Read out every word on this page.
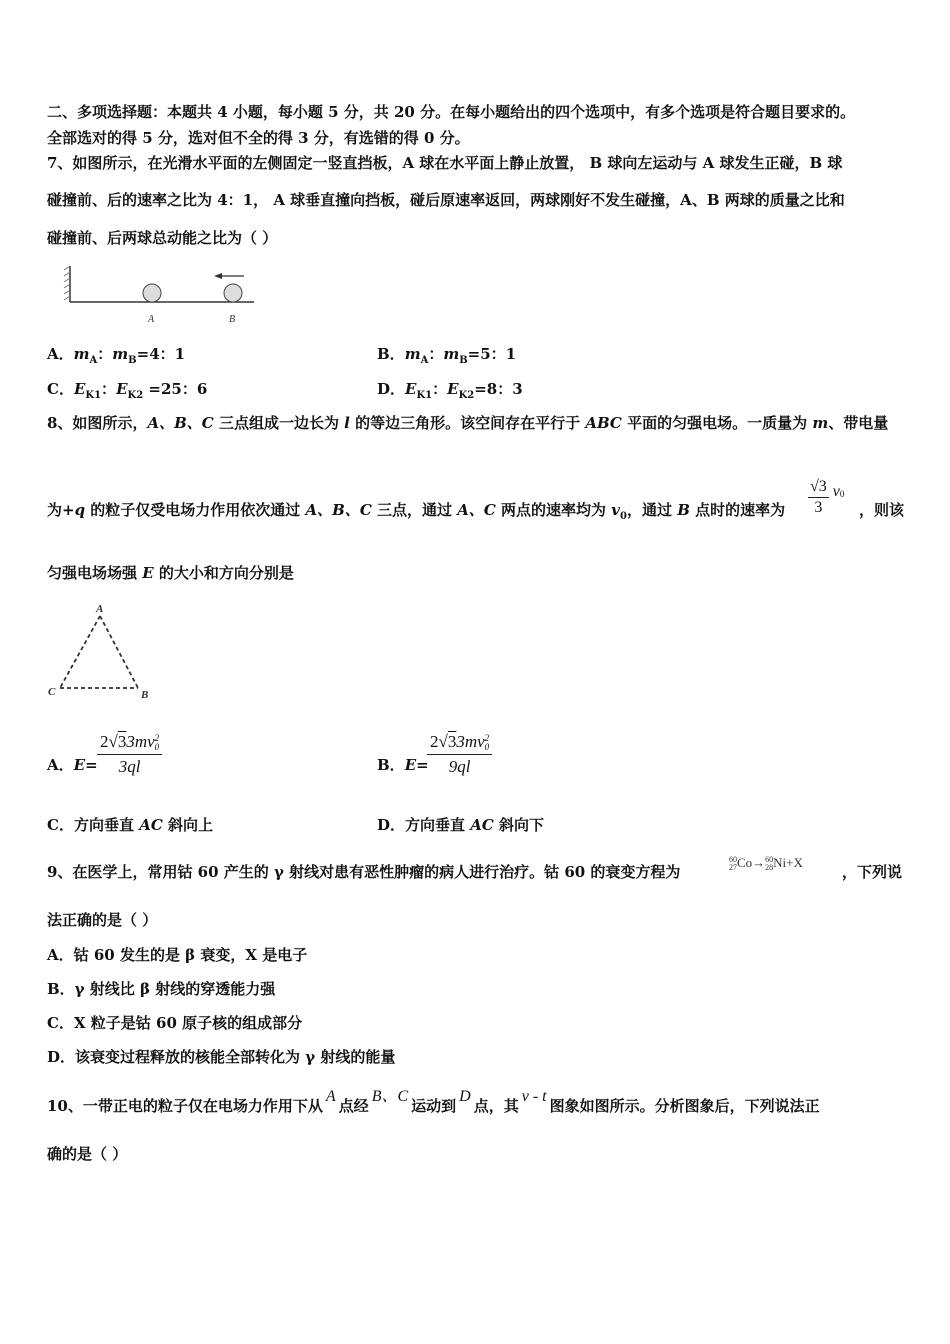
二、多项选择题：本题共 4 小题，每小题 5 分，共 20 分。在每小题给出的四个选项中，有多个选项是符合题目要求的。
全部选对的得 5 分，选对但不全的得 3 分，有选错的得 0 分。
7、如图所示，在光滑水平面的左侧固定一竖直挡板，A 球在水平面上静止放置， B 球向左运动与 A 球发生正碰，B 球
碰撞前、后的速率之比为 4：1， A 球垂直撞向挡板，碰后原速率返回，两球刚好不发生碰撞，A、B 两球的质量之比和
碰撞前、后两球总动能之比为（ ）
A	B
A．$m_A$：$m_B=4$：1	B．$m_A$：$m_B=5$：1
C．$E_{K1}$：$E_{K2} =25$：6	D．$E_{K1}$：$E_{K2}=8$：3
8、如图所示，A、B、C 三点组成一边长为 l 的等边三角形。该空间存在平行于 ABC 平面的匀强电场。一质量为 m、带电量
为+q 的粒子仅受电场力作用依次通过 A、B、C 三点，通过 A、C 两点的速率均为 $v_0$，通过 B 点时的速率为 $\frac{√3}{3} v_0$
，则该
匀强电场场强 E 的大小和方向分别是
A
B
C
A．E=
2√33mv 2
0
3ql	B．E=
2√33mv 2
0
9ql
C．方向垂直 AC 斜向上	D．方向垂直 AC 斜向下
9、在医学上，常用钴 60 产生的 γ 射线对患有恶性肿瘤的病人进行治疗。钴 60 的衰变方程为
60
27 Co→ 60
28 Ni+X
，下列说
法正确的是（ ）
A．钴 60 发生的是 β 衰变，X 是电子
B．γ 射线比 β 射线的穿透能力强
C．X 粒子是钴 60 原子核的组成部分
D．该衰变过程释放的核能全部转化为 γ 射线的能量
10、一带正电的粒子仅在电场力作用下从A点经B、C运动到D点，其v - t图象如图所示。分析图象后，下列说法正
确的是（ ）
